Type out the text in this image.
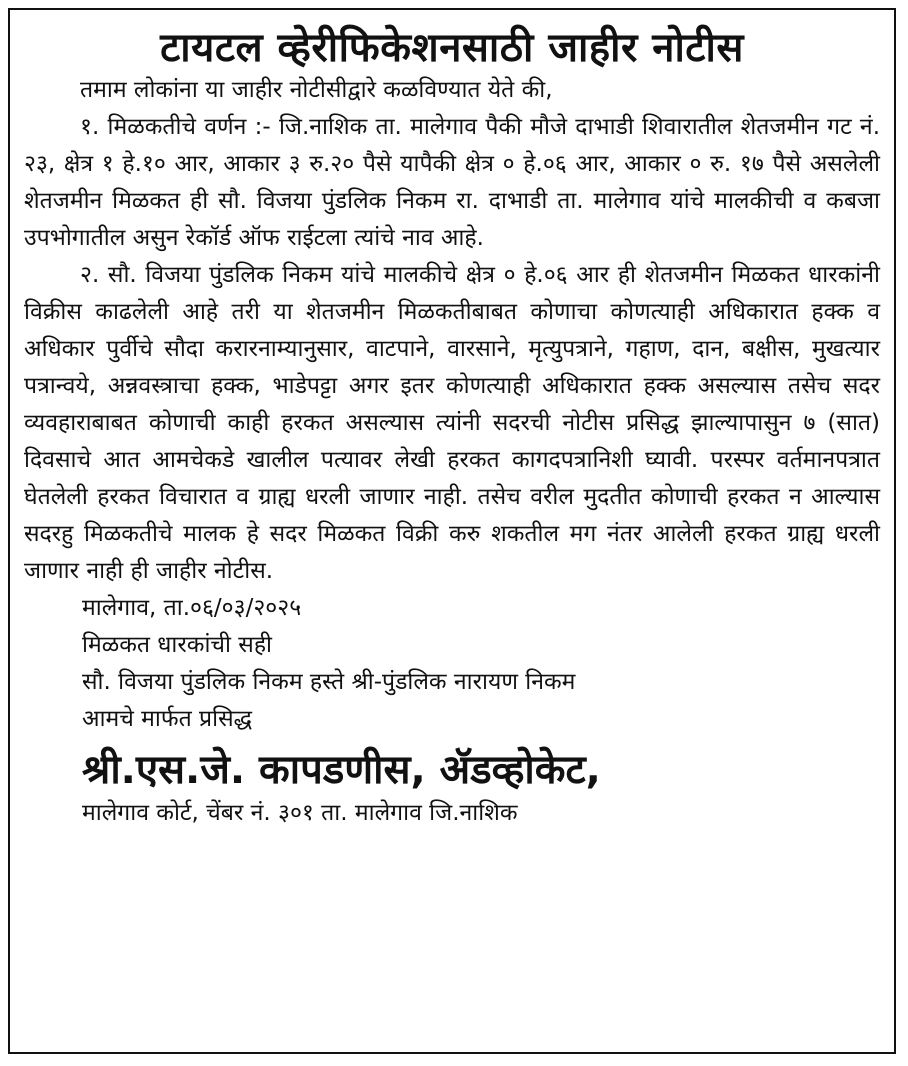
टायटल व्हेरीफिकेशनसाठी जाहीर नोटीस

तमाम लोकांना या जाहीर नोटीसीद्वारे कळविण्यात येते की,

१. मिळकतीचे वर्णन :- जि.नाशिक ता. मालेगाव पैकी मौजे दाभाडी शिवारातील शेतजमीन गट नं. २३, क्षेत्र १ हे.१० आर, आकार ३ रु.२० पैसे यापैकी क्षेत्र ० हे.०६ आर, आकार ० रु. १७ पैसे असलेली शेतजमीन मिळकत ही सौ. विजया पुंडलिक निकम रा. दाभाडी ता. मालेगाव यांचे मालकीची व कबजा उपभोगातील असुन रेकॉर्ड ऑफ राईटला त्यांचे नाव आहे.

२. सौ. विजया पुंडलिक निकम यांचे मालकीचे क्षेत्र ० हे.०६ आर ही शेतजमीन मिळकत धारकांनी विक्रीस काढलेली आहे तरी या शेतजमीन मिळकतीबाबत कोणाचा कोणत्याही अधिकारात हक्क व अधिकार पुर्वीचे सौदा करारनाम्यानुसार, वाटपाने, वारसाने, मृत्युपत्राने, गहाण, दान, बक्षीस, मुखत्यार पत्रान्वये, अन्नवस्त्राचा हक्क, भाडेपट्टा अगर इतर कोणत्याही अधिकारात हक्क असल्यास तसेच सदर व्यवहाराबाबत कोणाची काही हरकत असल्यास त्यांनी सदरची नोटीस प्रसिद्ध झाल्यापासुन ७ (सात) दिवसाचे आत आमचेकडे खालील पत्यावर लेखी हरकत कागदपत्रानिशी घ्यावी. परस्पर वर्तमानपत्रात घेतलेली हरकत विचारात व ग्राह्य धरली जाणार नाही. तसेच वरील मुदतीत कोणाची हरकत न आल्यास सदरहु मिळकतीचे मालक हे सदर मिळकत विक्री करु शकतील मग नंतर आलेली हरकत ग्राह्य धरली जाणार नाही ही जाहीर नोटीस.

मालेगाव, ता.०६/०३/२०२५

मिळकत धारकांची सही

सौ. विजया पुंडलिक निकम हस्ते श्री-पुंडलिक नारायण निकम

आमचे मार्फत प्रसिद्ध

श्री.एस.जे. कापडणीस, ॲडव्होकेट,

मालेगाव कोर्ट, चेंबर नं. ३०१ ता. मालेगाव जि.नाशिक
